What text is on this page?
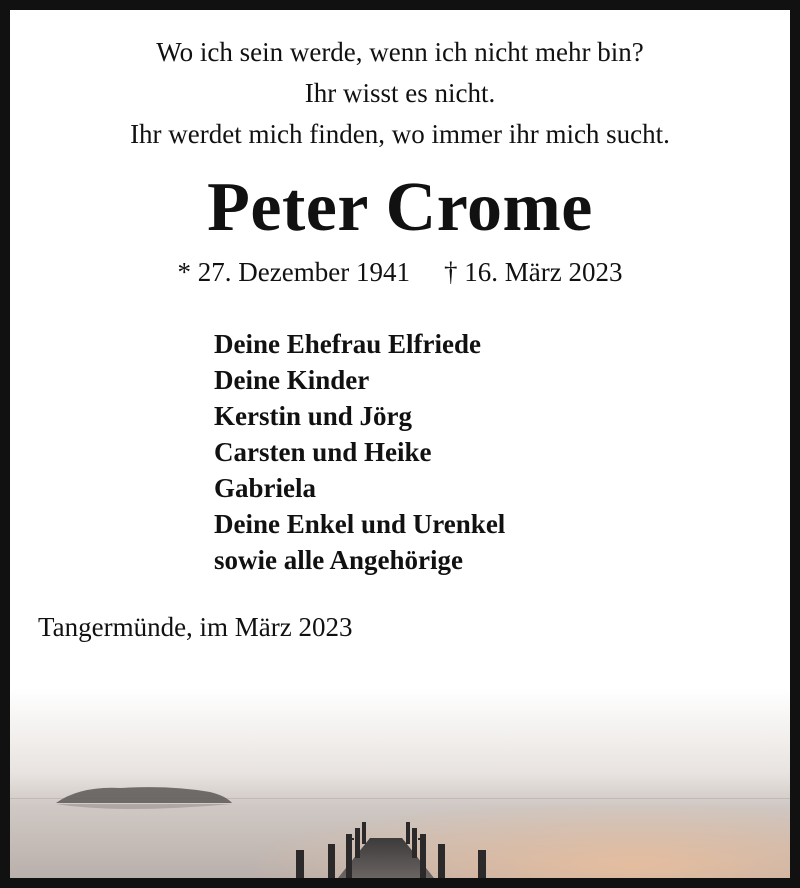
Wo ich sein werde, wenn ich nicht mehr bin?
Ihr wisst es nicht.
Ihr werdet mich finden, wo immer ihr mich sucht.
Peter Crome
* 27. Dezember 1941 † 16. März 2023
Deine Ehefrau Elfriede
Deine Kinder
Kerstin und Jörg
Carsten und Heike
Gabriela
Deine Enkel und Urenkel
sowie alle Angehörige
Tangermünde, im März 2023
